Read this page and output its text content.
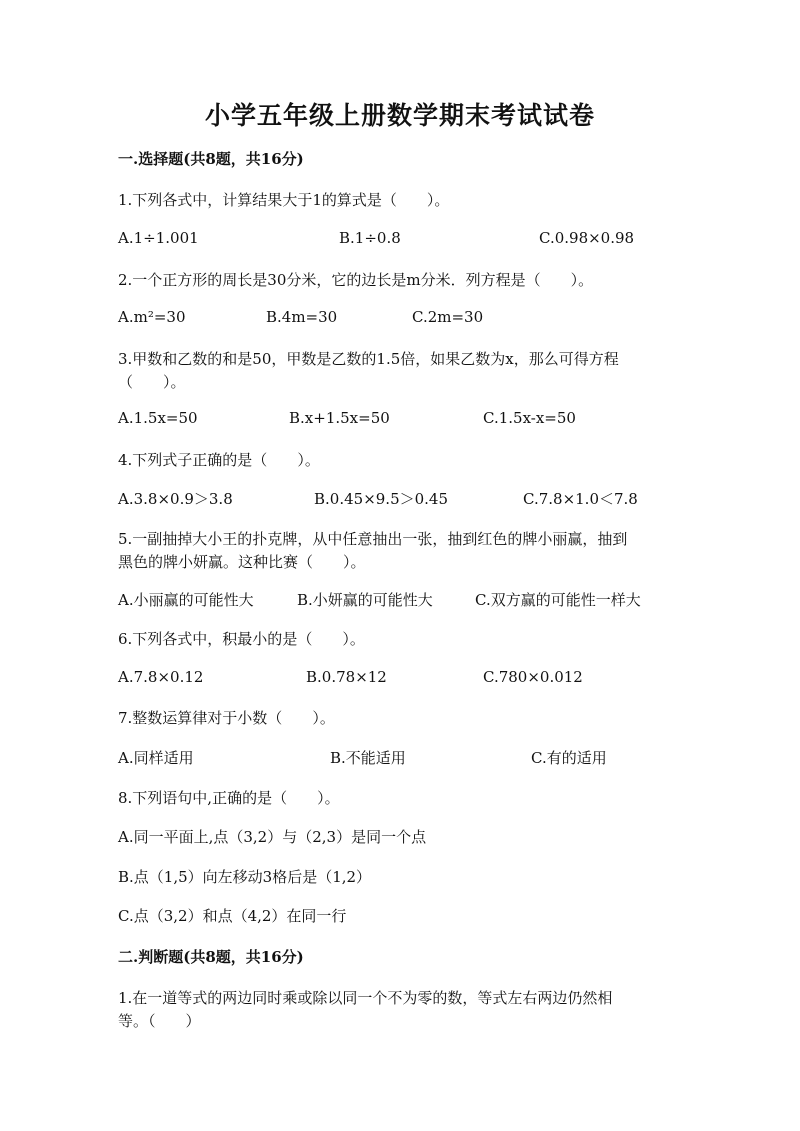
小学五年级上册数学期末考试试卷
一.选择题(共8题，共16分)
1.下列各式中，计算结果大于1的算式是（　　）。
A.1÷1.001	B.1÷0.8	C.0.98×0.98
2.一个正方形的周长是30分米，它的边长是m分米．列方程是（　　）。
A.m²=30	B.4m=30	C.2m=30
3.甲数和乙数的和是50，甲数是乙数的1.5倍，如果乙数为x，那么可得方程
（　　）。
A.1.5x=50	B.x+1.5x=50	C.1.5x-x=50
4.下列式子正确的是（　　）。
A.3.8×0.9＞3.8	B.0.45×9.5＞0.45	C.7.8×1.0＜7.8
5.一副抽掉大小王的扑克牌，从中任意抽出一张，抽到红色的牌小丽赢，抽到
黑色的牌小妍赢。这种比赛（　　）。
A.小丽赢的可能性大	B.小妍赢的可能性大	C.双方赢的可能性一样大
6.下列各式中，积最小的是（　　）。
A.7.8×0.12	B.0.78×12	C.780×0.012
7.整数运算律对于小数（　　）。
A.同样适用	B.不能适用	C.有的适用
8.下列语句中,正确的是（　　）。
A.同一平面上,点（3,2）与（2,3）是同一个点
B.点（1,5）向左移动3格后是（1,2）
C.点（3,2）和点（4,2）在同一行
二.判断题(共8题，共16分)
1.在一道等式的两边同时乘或除以同一个不为零的数，等式左右两边仍然相
等。（　　）
